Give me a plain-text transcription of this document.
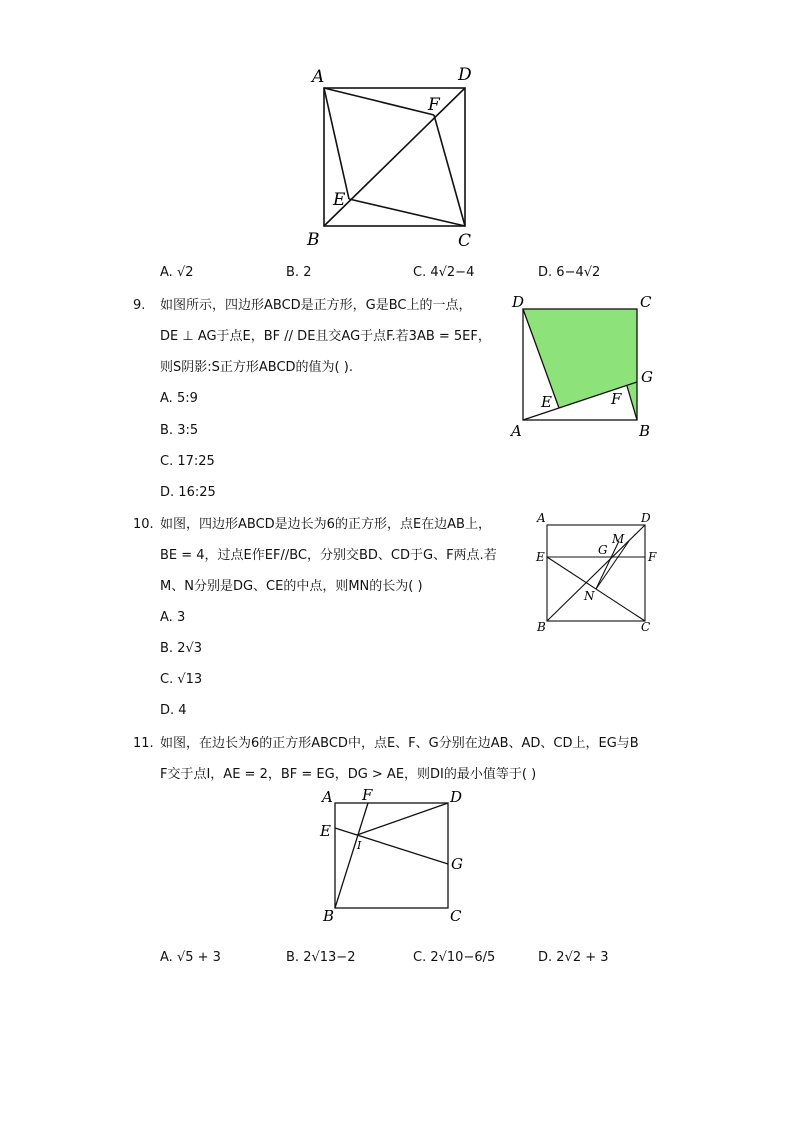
A	D
F
E
B	C
A. √2	B. 2	C. 4√2−4	D. 6−4√2
9. 如图所示，四边形ABCD是正方形，G是BC上的一点，
DE ⊥ AG于点E，BF // DE且交AG于点F.若3AB = 5EF，
则S阴影:S正方形ABCD的值为( ).
A. 5:9
B. 3:5
C. 17:25
D. 16:25
D	C
G
E	F
A	B
10. 如图，四边形ABCD是边长为6的正方形，点E在边AB上，
BE = 4，过点E作EF//BC，分别交BD、CD于G、F两点.若
M、N分别是DG、CE的中点，则MN的长为( )
A. 3
B. 2√3
C. √13
D. 4
A	D
M
G
E	F
N
B	C
11. 如图，在边长为6的正方形ABCD中，点E、F、G分别在边AB、AD、CD上，EG与B
F交于点I，AE = 2，BF = EG，DG > AE，则DI的最小值等于( )
A F	D
E
I
G
B	C
A. √5 + 3	B. 2√13−2	C. 2√10−6/5	D. 2√2 + 3
